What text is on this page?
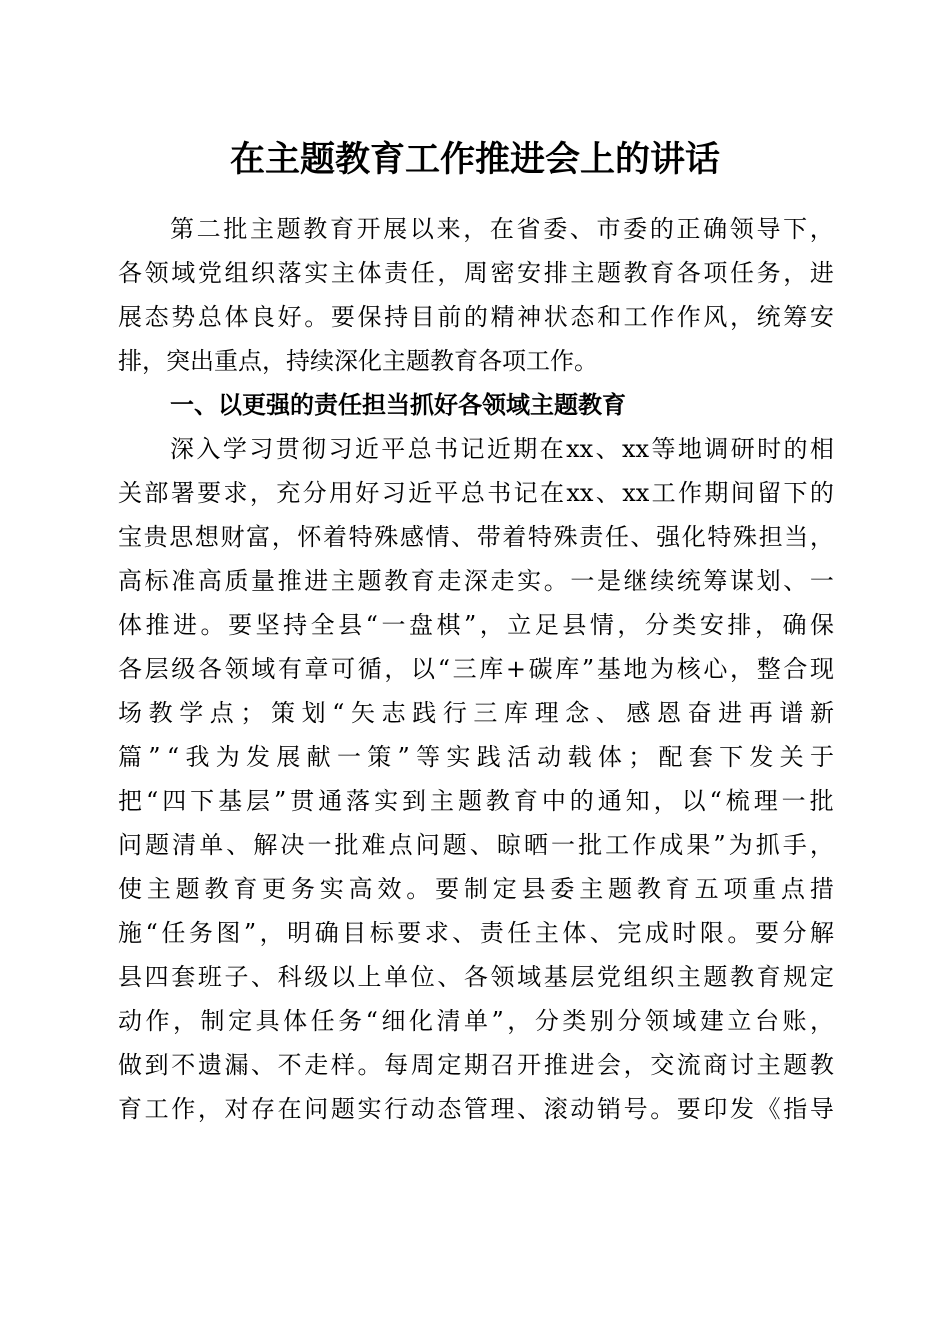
在主题教育工作推进会上的讲话
第 二 批 主 题 教 育 开 展 以 来 ， 在 省 委 、 市 委 的 正 确 领 导 下 ，
各 领 域 党 组 织 落 实 主 体 责 任 ， 周 密 安 排 主 题 教 育 各 项 任 务 ， 进
展 态 势 总 体 良 好 。 要 保 持 目 前 的 精 神 状 态 和 工 作 作 风 ， 统 筹 安
排，突出重点，持续深化主题教育各项工作。
一、以更强的责任担当抓好各领域主题教育
深 入 学 习 贯 彻 习 近 平 总 书 记 近 期 在 xx 、 xx 等 地 调 研 时 的 相
关 部 署 要 求 ， 充 分 用 好 习 近 平 总 书 记 在 xx 、 xx 工 作 期 间 留 下 的
宝 贵 思 想 财 富 ， 怀 着 特 殊 感 情 、 带 着 特 殊 责 任 、 强 化 特 殊 担 当 ，
高 标 准 高 质 量 推 进 主 题 教 育 走 深 走 实 。 一 是 继 续 统 筹 谋 划 、 一
体 推 进 。 要 坚 持 全 县 “ 一 盘 棋 ” ， 立 足 县 情 ， 分 类 安 排 ， 确 保
各 层 级 各 领 域 有 章 可 循 ， 以 “ 三 库 + 碳 库 ” 基 地 为 核 心 ， 整 合 现
场 教 学 点 ； 策 划 “ 矢 志 践 行 三 库 理 念 、 感 恩 奋 进 再 谱 新
篇 ” “ 我 为 发 展 献 一 策 ” 等 实 践 活 动 载 体 ； 配 套 下 发 关 于
把 “ 四 下 基 层 ” 贯 通 落 实 到 主 题 教 育 中 的 通 知 ， 以 “ 梳 理 一 批
问 题 清 单 、 解 决 一 批 难 点 问 题 、 晾 晒 一 批 工 作 成 果 ” 为 抓 手 ，
使 主 题 教 育 更 务 实 高 效 。 要 制 定 县 委 主 题 教 育 五 项 重 点 措
施 “ 任 务 图 ” ， 明 确 目 标 要 求 、 责 任 主 体 、 完 成 时 限 。 要 分 解
县 四 套 班 子 、 科 级 以 上 单 位 、 各 领 域 基 层 党 组 织 主 题 教 育 规 定
动 作 ， 制 定 具 体 任 务 “ 细 化 清 单 ” ， 分 类 别 分 领 域 建 立 台 账 ，
做 到 不 遗 漏 、 不 走 样 。 每 周 定 期 召 开 推 进 会 ， 交 流 商 讨 主 题 教
育 工 作 ， 对 存 在 问 题 实 行 动 态 管 理 、 滚 动 销 号 。 要 印 发 《 指 导
